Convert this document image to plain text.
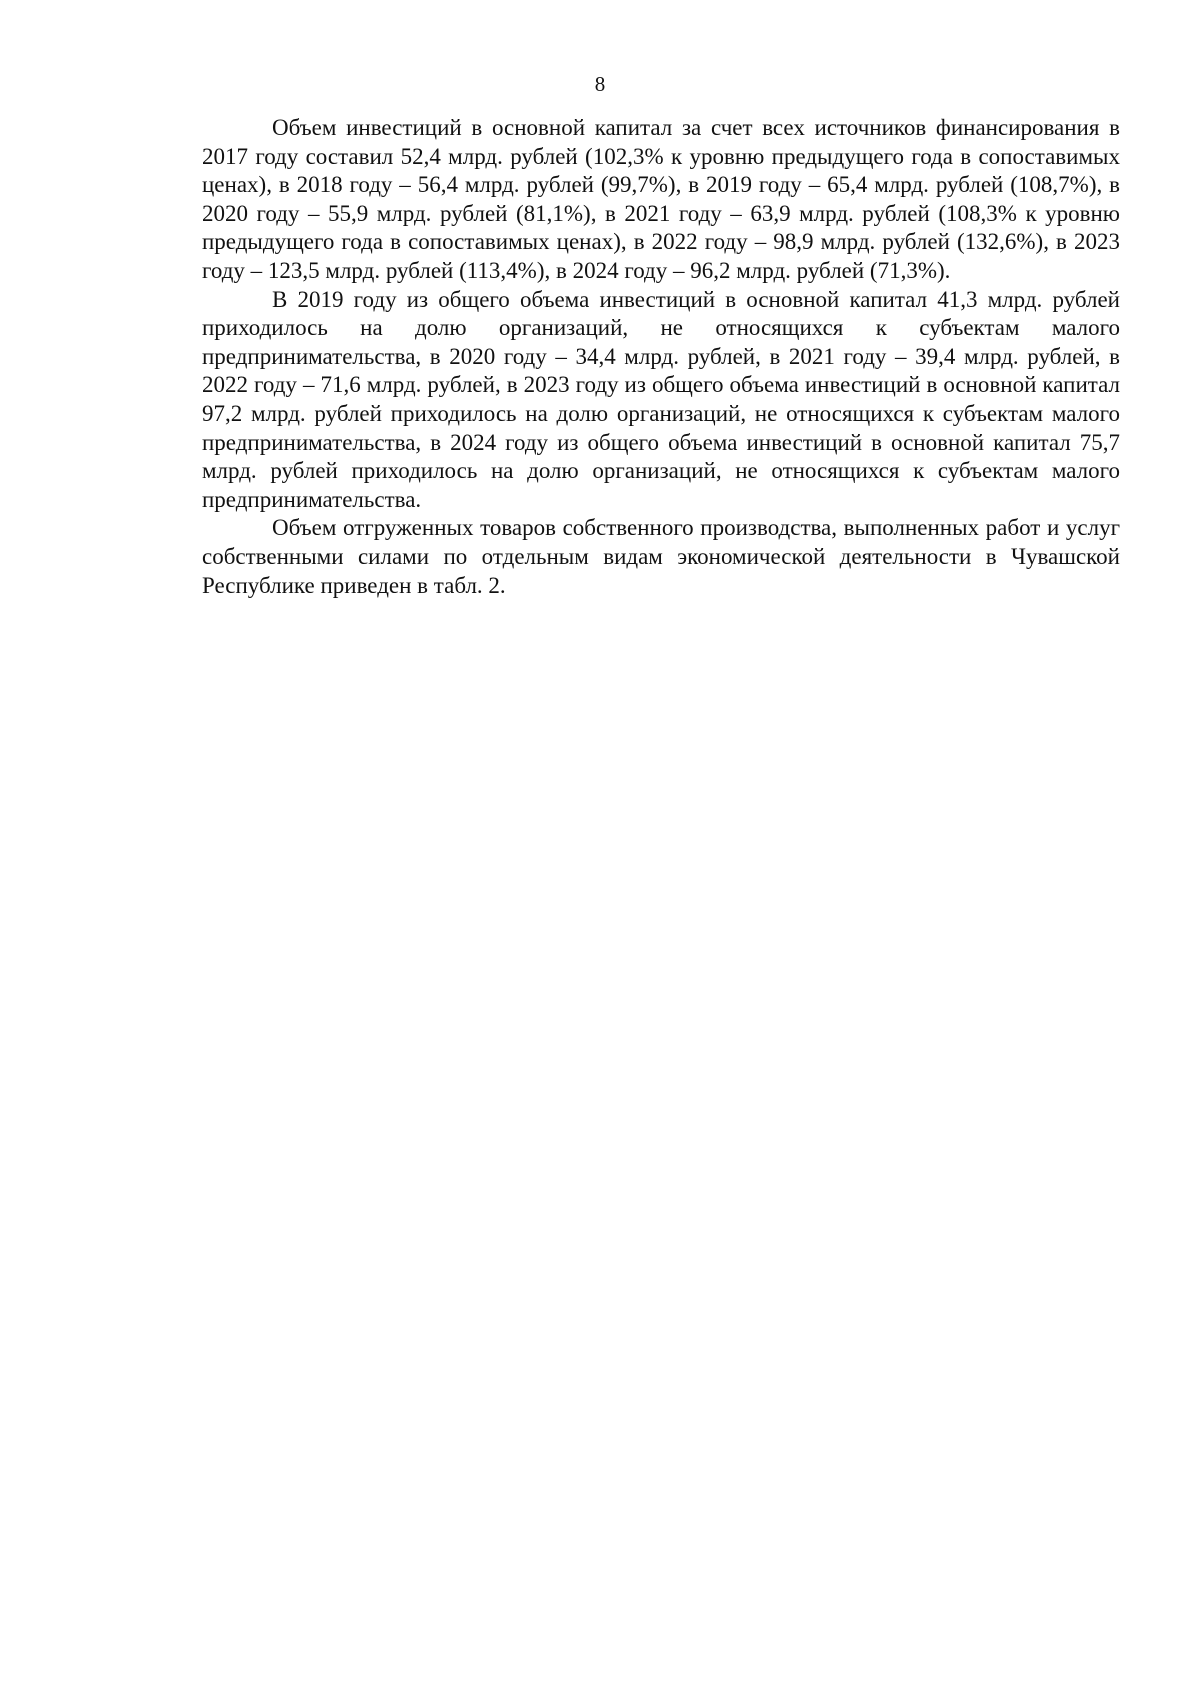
8

Объем инвестиций в основной капитал за счет всех источников финансирования в 2017 году составил 52,4 млрд. рублей (102,3% к уровню предыдущего года в сопоставимых ценах), в 2018 году – 56,4 млрд. рублей (99,7%), в 2019 году – 65,4 млрд. рублей (108,7%), в 2020 году – 55,9 млрд. рублей (81,1%), в 2021 году – 63,9 млрд. рублей (108,3% к уровню предыдущего года в сопоставимых ценах), в 2022 году – 98,9 млрд. рублей (132,6%), в 2023 году – 123,5 млрд. рублей (113,4%), в 2024 году – 96,2 млрд. рублей (71,3%).

В 2019 году из общего объема инвестиций в основной капитал 41,3 млрд. рублей приходилось на долю организаций, не относящихся к субъектам малого предпринимательства, в 2020 году – 34,4 млрд. рублей, в 2021 году – 39,4 млрд. рублей, в 2022 году – 71,6 млрд. рублей, в 2023 году из общего объема инвестиций в основной капитал 97,2 млрд. рублей приходилось на долю организаций, не относящихся к субъектам малого предпринимательства, в 2024 году из общего объема инвестиций в основной капитал 75,7 млрд. рублей приходилось на долю организаций, не относящихся к субъектам малого предпринимательства.

Объем отгруженных товаров собственного производства, выполненных работ и услуг собственными силами по отдельным видам экономической деятельности в Чувашской Республике приведен в табл. 2.
